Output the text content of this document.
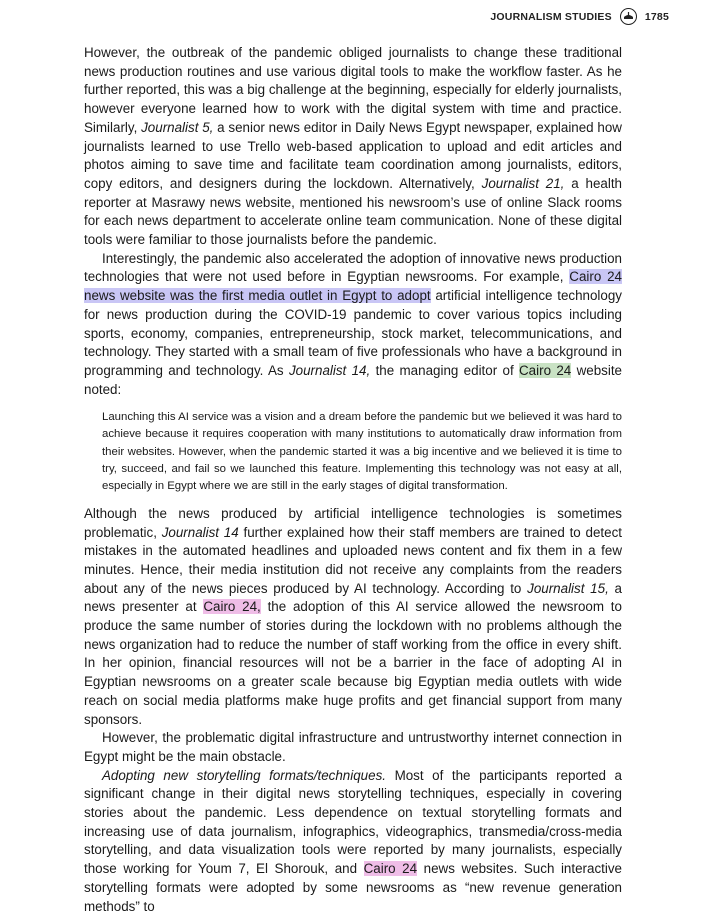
JOURNALISM STUDIES	1785

However, the outbreak of the pandemic obliged journalists to change these traditional news production routines and use various digital tools to make the workflow faster. As he further reported, this was a big challenge at the beginning, especially for elderly journalists, however everyone learned how to work with the digital system with time and practice. Similarly, Journalist 5, a senior news editor in Daily News Egypt newspaper, explained how journalists learned to use Trello web-based application to upload and edit articles and photos aiming to save time and facilitate team coordination among journalists, editors, copy editors, and designers during the lockdown. Alternatively, Journalist 21, a health reporter at Masrawy news website, mentioned his newsroom’s use of online Slack rooms for each news department to accelerate online team communication. None of these digital tools were familiar to those journalists before the pandemic.

Interestingly, the pandemic also accelerated the adoption of innovative news production technologies that were not used before in Egyptian newsrooms. For example, Cairo 24 news website was the first media outlet in Egypt to adopt artificial intelligence technology for news production during the COVID-19 pandemic to cover various topics including sports, economy, companies, entrepreneurship, stock market, telecommunications, and technology. They started with a small team of five professionals who have a background in programming and technology. As Journalist 14, the managing editor of Cairo 24 website noted:

Launching this AI service was a vision and a dream before the pandemic but we believed it was hard to achieve because it requires cooperation with many institutions to automatically draw information from their websites. However, when the pandemic started it was a big incentive and we believed it is time to try, succeed, and fail so we launched this feature. Implementing this technology was not easy at all, especially in Egypt where we are still in the early stages of digital transformation.

Although the news produced by artificial intelligence technologies is sometimes problematic, Journalist 14 further explained how their staff members are trained to detect mistakes in the automated headlines and uploaded news content and fix them in a few minutes. Hence, their media institution did not receive any complaints from the readers about any of the news pieces produced by AI technology. According to Journalist 15, a news presenter at Cairo 24, the adoption of this AI service allowed the newsroom to produce the same number of stories during the lockdown with no problems although the news organization had to reduce the number of staff working from the office in every shift. In her opinion, financial resources will not be a barrier in the face of adopting AI in Egyptian newsrooms on a greater scale because big Egyptian media outlets with wide reach on social media platforms make huge profits and get financial support from many sponsors.

However, the problematic digital infrastructure and untrustworthy internet connection in Egypt might be the main obstacle.

Adopting new storytelling formats/techniques. Most of the participants reported a significant change in their digital news storytelling techniques, especially in covering stories about the pandemic. Less dependence on textual storytelling formats and increasing use of data journalism, infographics, videographics, transmedia/cross-media storytelling, and data visualization tools were reported by many journalists, especially those working for Youm 7, El Shorouk, and Cairo 24 news websites. Such interactive storytelling formats were adopted by some newsrooms as “new revenue generation methods” to
